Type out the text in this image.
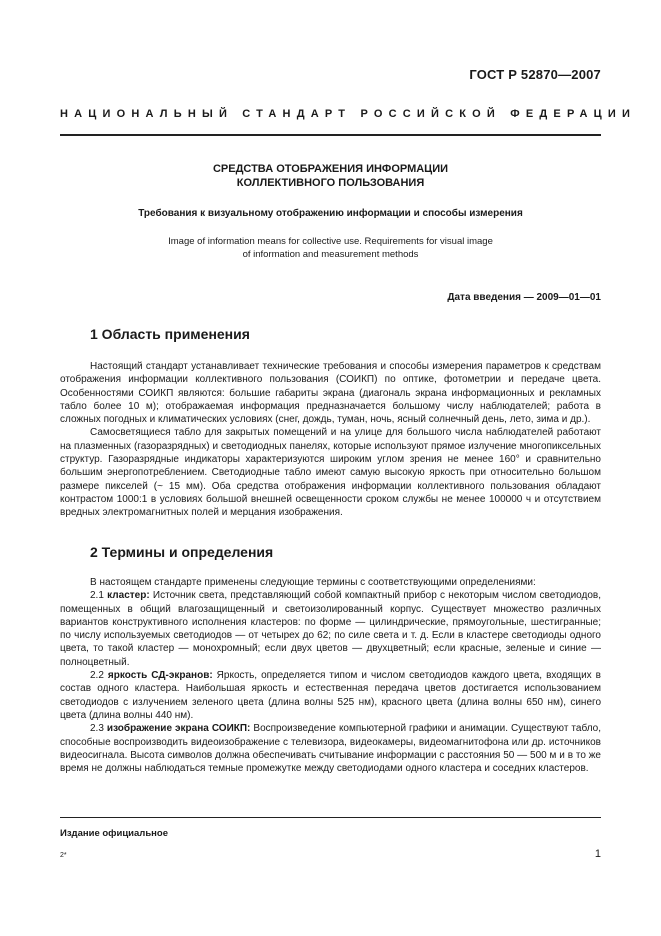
ГОСТ Р 52870—2007
НАЦИОНАЛЬНЫЙ СТАНДАРТ РОССИЙСКОЙ ФЕДЕРАЦИИ
СРЕДСТВА ОТОБРАЖЕНИЯ ИНФОРМАЦИИ
КОЛЛЕКТИВНОГО ПОЛЬЗОВАНИЯ
Требования к визуальному отображению информации и способы измерения
Image of information means for collective use. Requirements for visual image
of information and measurement methods
Дата введения — 2009—01—01
1 Область применения

Настоящий стандарт устанавливает технические требования и способы измерения параметров к средствам отображения информации коллективного пользования (СОИКП) по оптике, фотометрии и передаче цвета. Особенностями СОИКП являются: большие габариты экрана (диагональ экрана информационных и рекламных табло более 10 м); отображаемая информация предназначается большому числу наблюдателей; работа в сложных погодных и климатических условиях (снег, дождь, туман, ночь, ясный солнечный день, лето, зима и др.).

Самосветящиеся табло для закрытых помещений и на улице для большого числа наблюдателей работают на плазменных (газоразрядных) и светодиодных панелях, которые используют прямое излучение многопиксельных структур. Газоразрядные индикаторы характеризуются широким углом зрения не менее 160° и сравнительно большим энергопотреблением. Светодиодные табло имеют самую высокую яркость при относительно большом размере пикселей (~ 15 мм). Оба средства отображения информации коллективного пользования обладают контрастом 1000:1 в условиях большой внешней освещенности сроком службы не менее 100000 ч и отсутствием вредных электромагнитных полей и мерцания изображения.

2 Термины и определения

В настоящем стандарте применены следующие термины с соответствующими определениями:

2.1 кластер: Источник света, представляющий собой компактный прибор с некоторым числом светодиодов, помещенных в общий влагозащищенный и светоизолированный корпус. Существует множество различных вариантов конструктивного исполнения кластеров: по форме — цилиндрические, прямоугольные, шестигранные; по числу используемых светодиодов — от четырех до 62; по силе света и т. д. Если в кластере светодиоды одного цвета, то такой кластер — монохромный; если двух цветов — двухцветный; если красные, зеленые и синие — полноцветный.

2.2 яркость СД-экранов: Яркость, определяется типом и числом светодиодов каждого цвета, входящих в состав одного кластера. Наибольшая яркость и естественная передача цветов достигается использованием светодиодов с излучением зеленого цвета (длина волны 525 нм), красного цвета (длина волны 650 нм), синего цвета (длина волны 440 нм).

2.3 изображение экрана СОИКП: Воспроизведение компьютерной графики и анимации. Существуют табло, способные воспроизводить видеоизображение с телевизора, видеокамеры, видеомагнитофона или др. источников видеосигнала. Высота символов должна обеспечивать считывание информации с расстояния 50 — 500 м и в то же время не должны наблюдаться темные промежутке между светодиодами одного кластера и соседних кластеров.

Издание официальное
2*	1
